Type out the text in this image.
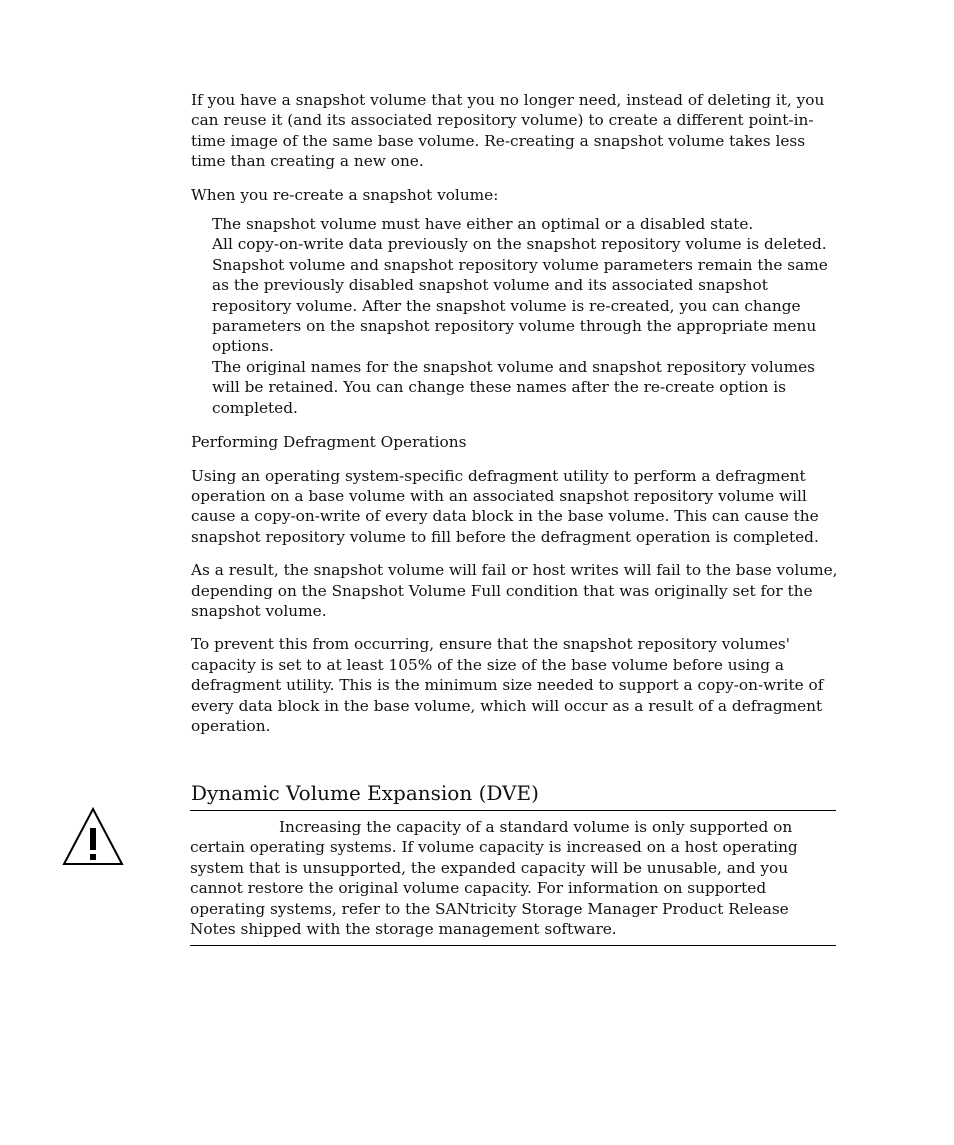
If you have a snapshot volume that you no longer need, instead of deleting it, you can reuse it (and its associated repository volume) to create a different point-in-time image of the same base volume. Re-creating a snapshot volume takes less time than creating a new one.

When you re-create a snapshot volume:

The snapshot volume must have either an optimal or a disabled state.
All copy-on-write data previously on the snapshot repository volume is deleted.
Snapshot volume and snapshot repository volume parameters remain the same as the previously disabled snapshot volume and its associated snapshot repository volume. After the snapshot volume is re-created, you can change parameters on the snapshot repository volume through the appropriate menu options.
The original names for the snapshot volume and snapshot repository volumes will be retained. You can change these names after the re-create option is completed.

Performing Defragment Operations

Using an operating system-specific defragment utility to perform a defragment operation on a base volume with an associated snapshot repository volume will cause a copy-on-write of every data block in the base volume. This can cause the snapshot repository volume to fill before the defragment operation is completed.

As a result, the snapshot volume will fail or host writes will fail to the base volume, depending on the Snapshot Volume Full condition that was originally set for the snapshot volume.

To prevent this from occurring, ensure that the snapshot repository volumes' capacity is set to at least 105% of the size of the base volume before using a defragment utility. This is the minimum size needed to support a copy-on-write of every data block in the base volume, which will occur as a result of a defragment operation.

Dynamic Volume Expansion (DVE)

Increasing the capacity of a standard volume is only supported on certain operating systems. If volume capacity is increased on a host operating system that is unsupported, the expanded capacity will be unusable, and you cannot restore the original volume capacity. For information on supported operating systems, refer to the SANtricity Storage Manager Product Release Notes shipped with the storage management software.
